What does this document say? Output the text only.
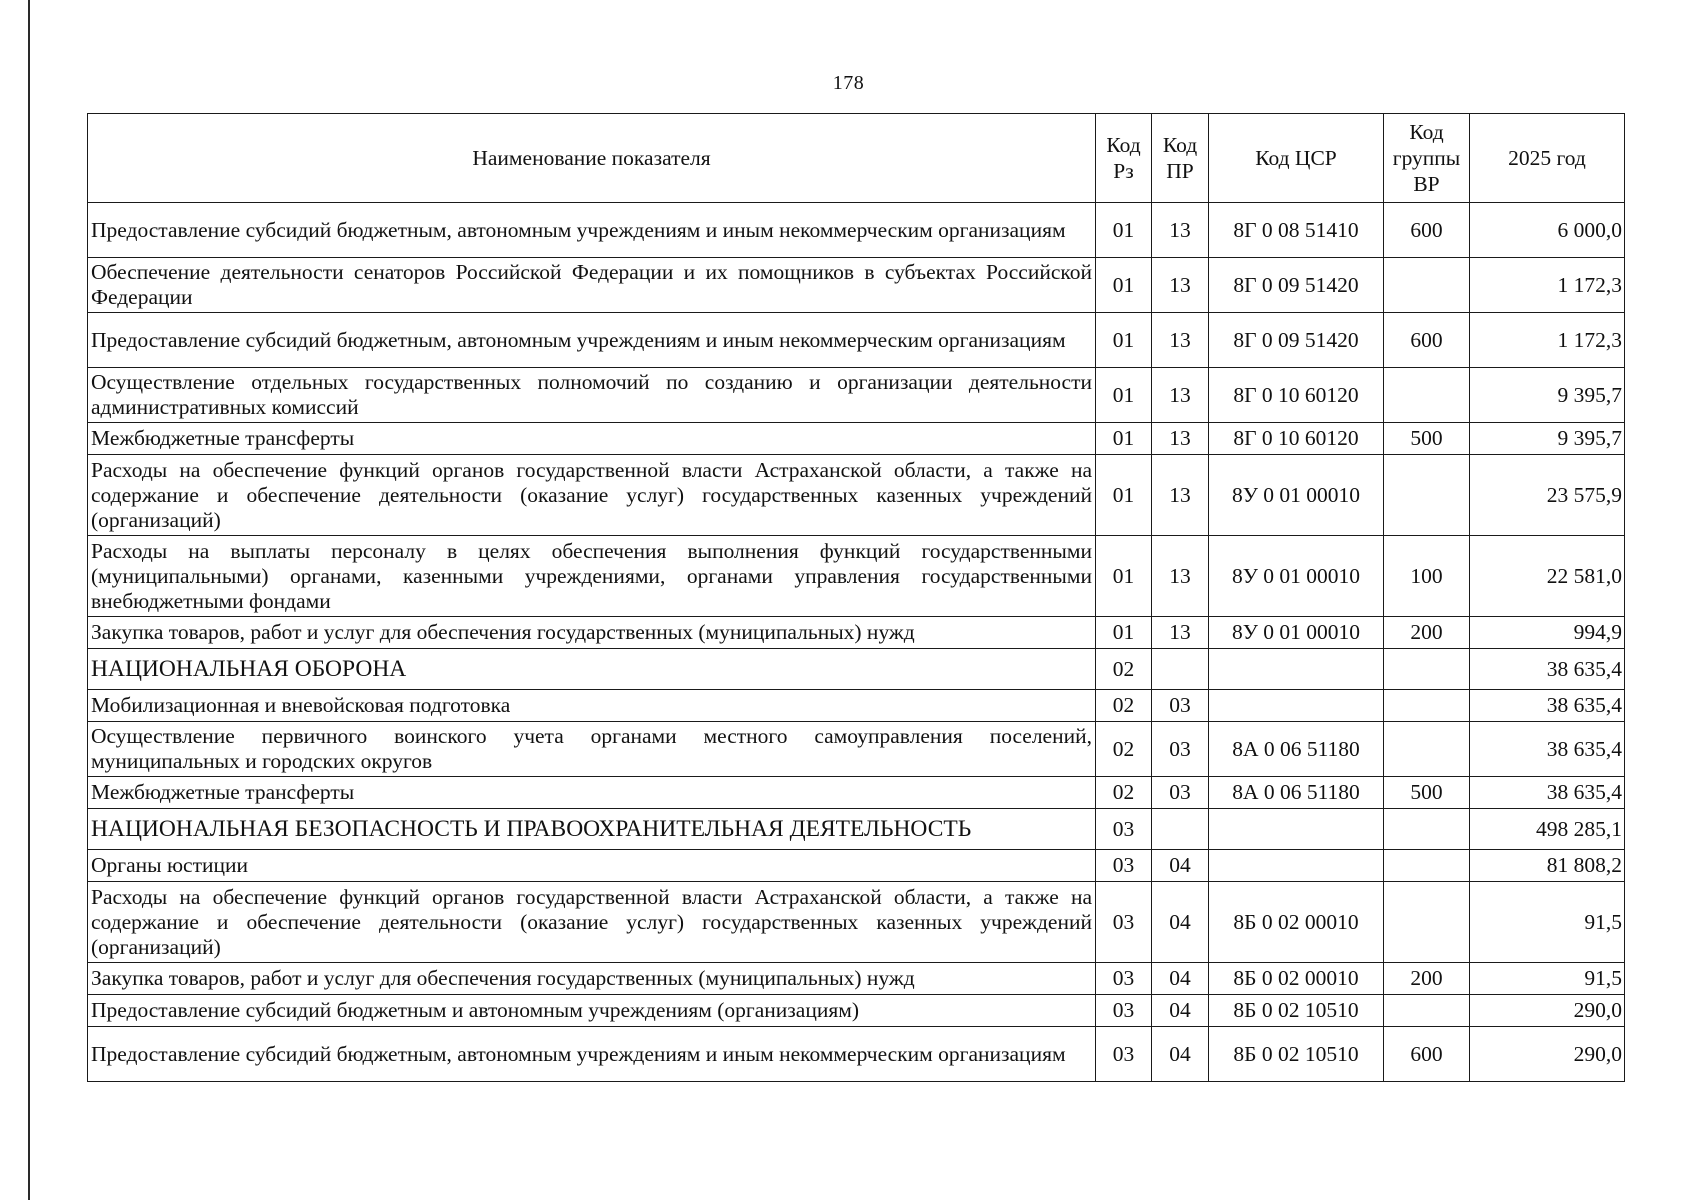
178
Наименование показателя	Код Рз	Код ПР	Код ЦСР	Код группы ВР	2025 год
Предоставление субсидий бюджетным, автономным учреждениям и иным некоммерческим организациям	01	13	8Г 0 08 51410	600	6 000,0
Обеспечение деятельности сенаторов Российской Федерации и их помощников в субъектах Российской Федерации	01	13	8Г 0 09 51420		1 172,3
Предоставление субсидий бюджетным, автономным учреждениям и иным некоммерческим организациям	01	13	8Г 0 09 51420	600	1 172,3
Осуществление отдельных государственных полномочий по созданию и организации деятельности административных комиссий	01	13	8Г 0 10 60120		9 395,7
Межбюджетные трансферты	01	13	8Г 0 10 60120	500	9 395,7
Расходы на обеспечение функций органов государственной власти Астраханской области, а также на содержание и обеспечение деятельности (оказание услуг) государственных казенных учреждений (организаций)	01	13	8У 0 01 00010		23 575,9
Расходы на выплаты персоналу в целях обеспечения выполнения функций государственными (муниципальными) органами, казенными учреждениями, органами управления государственными внебюджетными фондами	01	13	8У 0 01 00010	100	22 581,0
Закупка товаров, работ и услуг для обеспечения государственных (муниципальных) нужд	01	13	8У 0 01 00010	200	994,9
НАЦИОНАЛЬНАЯ ОБОРОНА	02				38 635,4
Мобилизационная и вневойсковая подготовка	02	03			38 635,4
Осуществление первичного воинского учета органами местного самоуправления поселений, муниципальных и городских округов	02	03	8А 0 06 51180		38 635,4
Межбюджетные трансферты	02	03	8А 0 06 51180	500	38 635,4
НАЦИОНАЛЬНАЯ БЕЗОПАСНОСТЬ И ПРАВООХРАНИТЕЛЬНАЯ ДЕЯТЕЛЬНОСТЬ	03				498 285,1
Органы юстиции	03	04			81 808,2
Расходы на обеспечение функций органов государственной власти Астраханской области, а также на содержание и обеспечение деятельности (оказание услуг) государственных казенных учреждений (организаций)	03	04	8Б 0 02 00010		91,5
Закупка товаров, работ и услуг для обеспечения государственных (муниципальных) нужд	03	04	8Б 0 02 00010	200	91,5
Предоставление субсидий бюджетным и автономным учреждениям (организациям)	03	04	8Б 0 02 10510		290,0
Предоставление субсидий бюджетным, автономным учреждениям и иным некоммерческим организациям	03	04	8Б 0 02 10510	600	290,0
